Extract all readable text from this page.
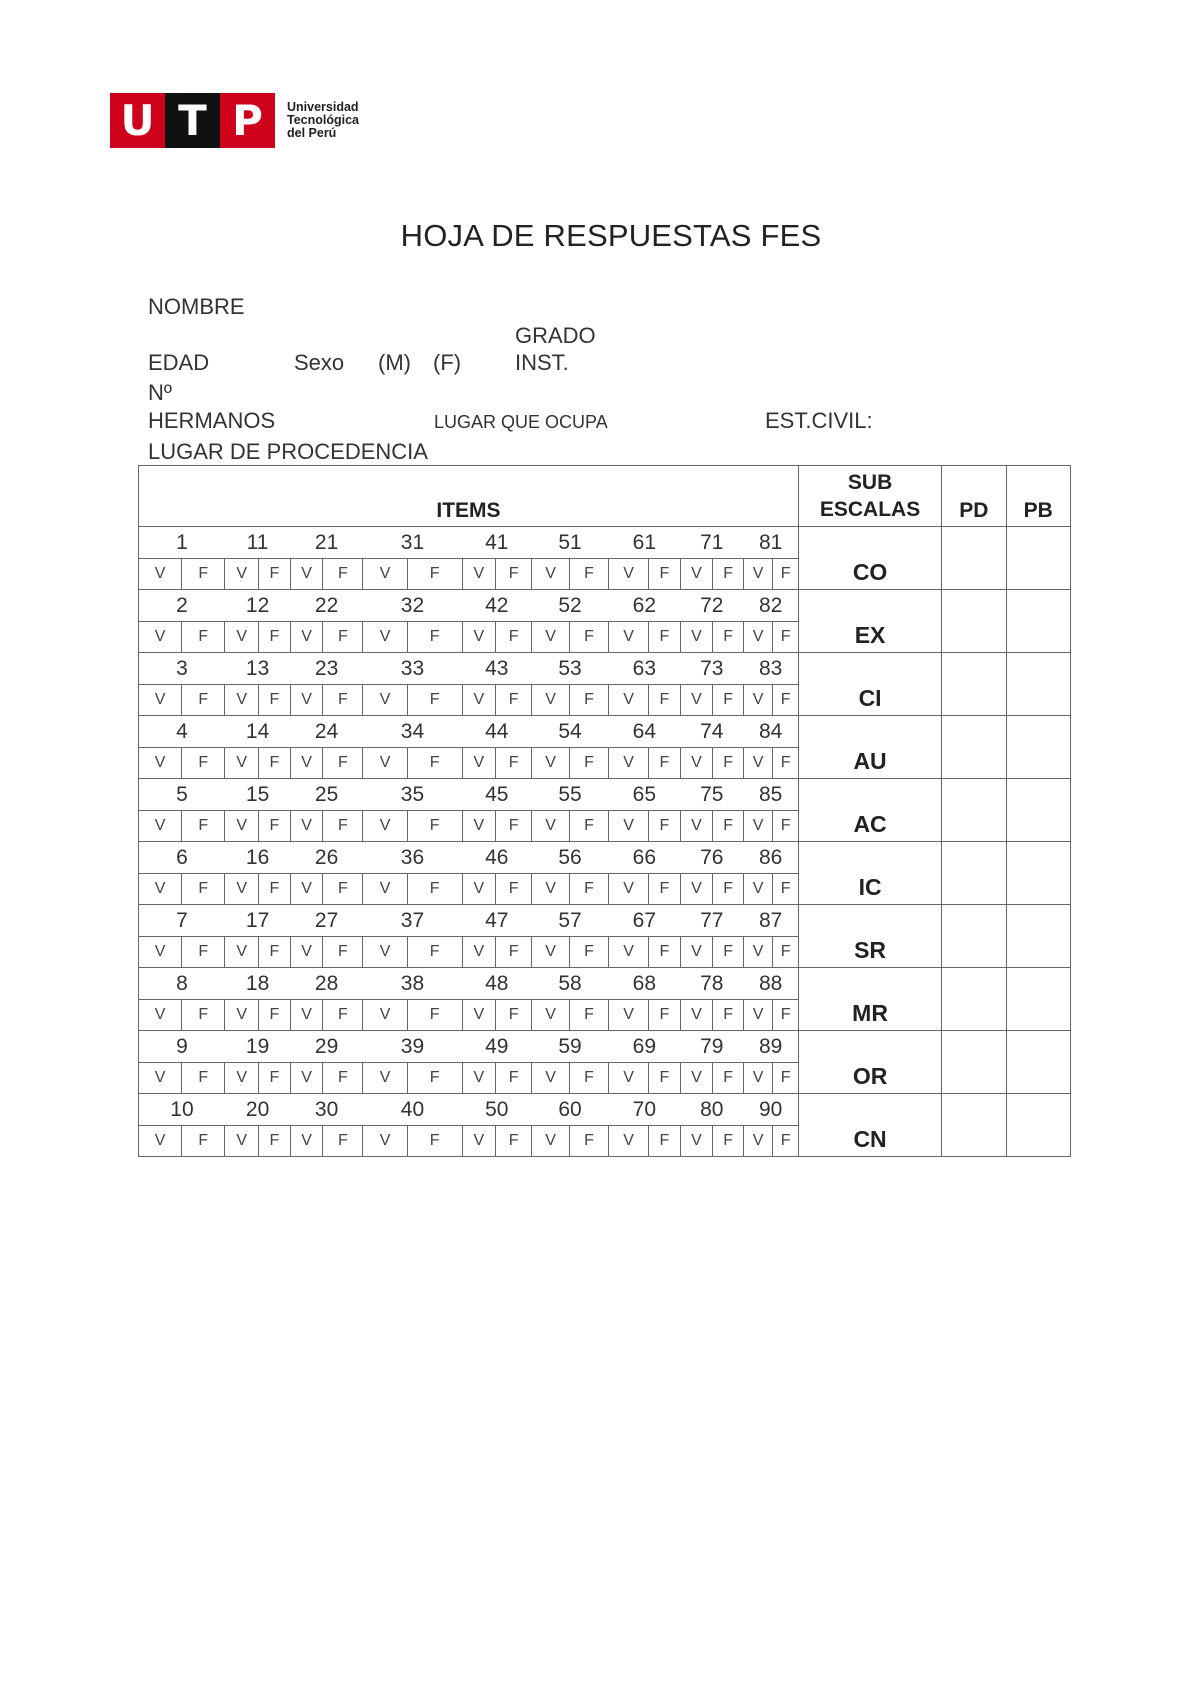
U T P	Universidad
Tecnológica
del Perú
HOJA DE RESPUESTAS FES
NOMBRE
GRADO
EDAD	Sexo (M) (F) INST.
Nº
HERMANOS	LUGAR QUE OCUPA	EST.CIVIL:
LUGAR DE PROCEDENCIA
ITEMS																		SUB
ESCALAS	PD	PB
1		11		21		31		41		51		61		71		81		CO		
V	F	V	F	V	F	V	F	V	F	V	F	V	F	V	F	V	F			
2		12		22		32		42		52		62		72		82		EX		
V	F	V	F	V	F	V	F	V	F	V	F	V	F	V	F	V	F			
3		13		23		33		43		53		63		73		83		CI		
V	F	V	F	V	F	V	F	V	F	V	F	V	F	V	F	V	F			
4		14		24		34		44		54		64		74		84		AU		
V	F	V	F	V	F	V	F	V	F	V	F	V	F	V	F	V	F			
5		15		25		35		45		55		65		75		85		AC		
V	F	V	F	V	F	V	F	V	F	V	F	V	F	V	F	V	F			
6		16		26		36		46		56		66		76		86		IC		
V	F	V	F	V	F	V	F	V	F	V	F	V	F	V	F	V	F			
7		17		27		37		47		57		67		77		87		SR		
V	F	V	F	V	F	V	F	V	F	V	F	V	F	V	F	V	F			
8		18		28		38		48		58		68		78		88		MR		
V	F	V	F	V	F	V	F	V	F	V	F	V	F	V	F	V	F			
9		19		29		39		49		59		69		79		89		OR		
V	F	V	F	V	F	V	F	V	F	V	F	V	F	V	F	V	F			
10		20		30		40		50		60		70		80		90		CN		
V	F	V	F	V	F	V	F	V	F	V	F	V	F	V	F	V	F			
